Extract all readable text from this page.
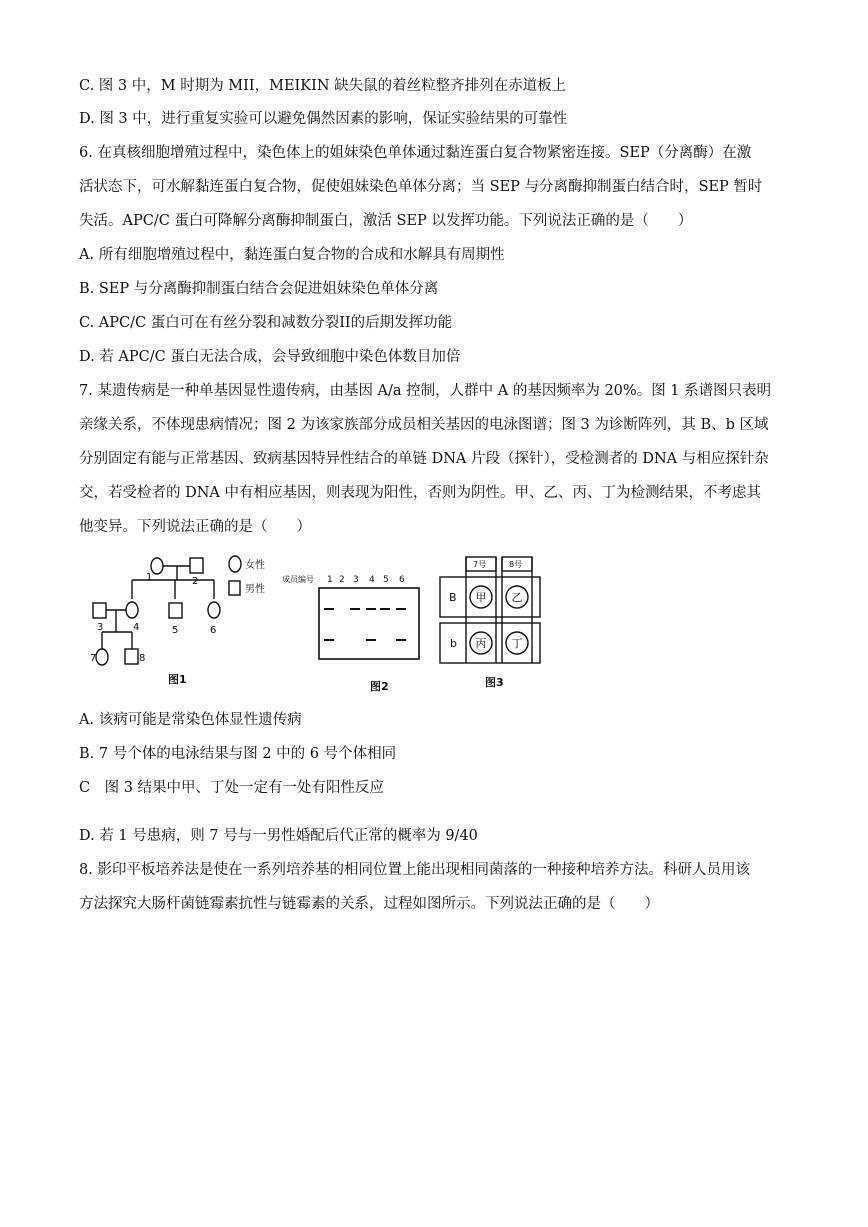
C. 图 3 中，M 时期为 MII，MEIKIN 缺失鼠的着丝粒整齐排列在赤道板上
D. 图 3 中，进行重复实验可以避免偶然因素的影响，保证实验结果的可靠性
6. 在真核细胞增殖过程中，染色体上的姐妹染色单体通过黏连蛋白复合物紧密连接。SEP（分离酶）在激
活状态下，可水解黏连蛋白复合物，促使姐妹染色单体分离；当 SEP 与分离酶抑制蛋白结合时，SEP 暂时
失活。APC/C 蛋白可降解分离酶抑制蛋白，激活 SEP 以发挥功能。下列说法正确的是（　　）
A. 所有细胞增殖过程中，黏连蛋白复合物的合成和水解具有周期性
B. SEP 与分离酶抑制蛋白结合会促进姐妹染色单体分离
C. APC/C 蛋白可在有丝分裂和减数分裂II的后期发挥功能
D. 若 APC/C 蛋白无法合成，会导致细胞中染色体数目加倍
7. 某遗传病是一种单基因显性遗传病，由基因 A/a 控制，人群中 A 的基因频率为 20%。图 1 系谱图只表明
亲缘关系，不体现患病情况；图 2 为该家族部分成员相关基因的电泳图谱；图 3 为诊断阵列，其 B、b 区域
分别固定有能与正常基因、致病基因特异性结合的单链 DNA 片段（探针），受检测者的 DNA 与相应探针杂
交，若受检者的 DNA 中有相应基因，则表现为阳性，否则为阴性。甲、乙、丙、丁为检测结果，不考虑其
他变异。下列说法正确的是（　　）
A. 该病可能是常染色体显性遗传病
B. 7 号个体的电泳结果与图 2 中的 6 号个体相同
C　图 3 结果中甲、丁处一定有一处有阳性反应
D. 若 1 号患病，则 7 号与一男性婚配后代正常的概率为 9/40
8. 影印平板培养法是使在一系列培养基的相同位置上能出现相同菌落的一种接种培养方法。科研人员用该
方法探究大肠杆菌链霉素抗性与链霉素的关系，过程如图所示。下列说法正确的是（　　）
1	2
3	4	5	6
7	8
女性
男性
图1
成员编号 1 2 3 4 5 6
图2
7号	8号
B
b
甲 乙
丙 丁
图3
